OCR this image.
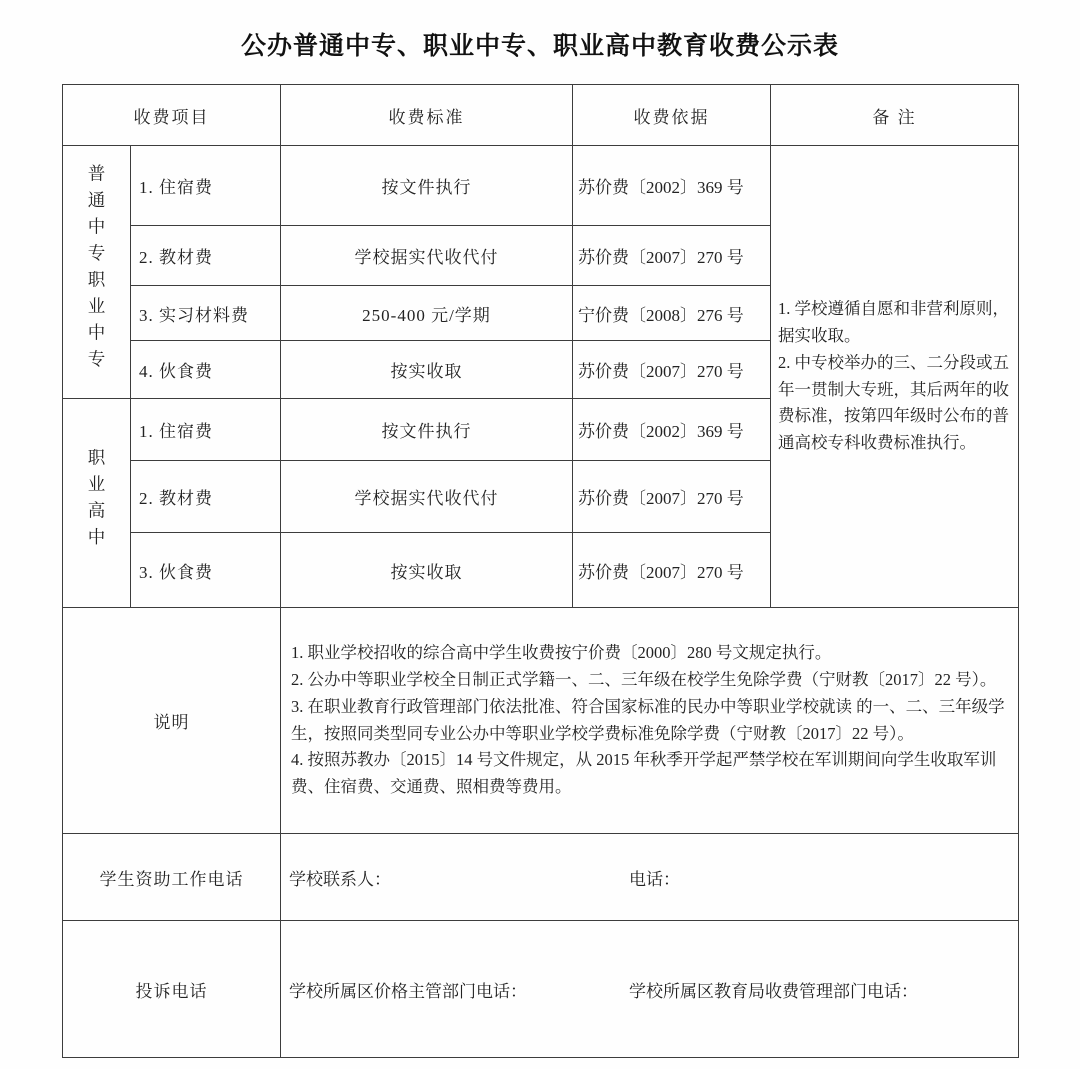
公办普通中专、职业中专、职业高中教育收费公示表
收费项目		收费标准	收费依据	备 注
普通中专职业中专	1. 住宿费	按文件执行	苏价费〔2002〕369 号	1. 学校遵循自愿和非营利原则，据实收取。
2. 中专校举办的三、二分段或五年一贯制大专班，其后两年的收费标准，按第四年级时公布的普通高校专科收费标准执行。

	2. 教材费	学校据实代收代付	苏价费〔2007〕270 号	
	3. 实习材料费	250-400 元/学期	宁价费〔2008〕276 号	
	4. 伙食费	按实收取	苏价费〔2007〕270 号	
职业高中	1. 住宿费	按文件执行	苏价费〔2002〕369 号	
	2. 教材费	学校据实代收代付	苏价费〔2007〕270 号	
	3. 伙食费	按实收取	苏价费〔2007〕270 号	
说明		1. 职业学校招收的综合高中学生收费按宁价费〔2000〕280 号文规定执行。
2. 公办中等职业学校全日制正式学籍一、二、三年级在校学生免除学费（宁财教〔2017〕22 号）。
3. 在职业教育行政管理部门依法批准、符合国家标准的民办中等职业学校就读 的一、二、三年级学生，按照同类型同专业公办中等职业学校学费标准免除学费（宁财教〔2017〕22 号）。
4. 按照苏教办〔2015〕14 号文件规定，从 2015 年秋季开学起严禁学校在军训期间向学生收取军训费、住宿费、交通费、照相费等费用。		

学生资助工作电话		学校联系人： 电话：		
投诉电话		学校所属区价格主管部门电话： 学校所属区教育局收费管理部门电话：		
